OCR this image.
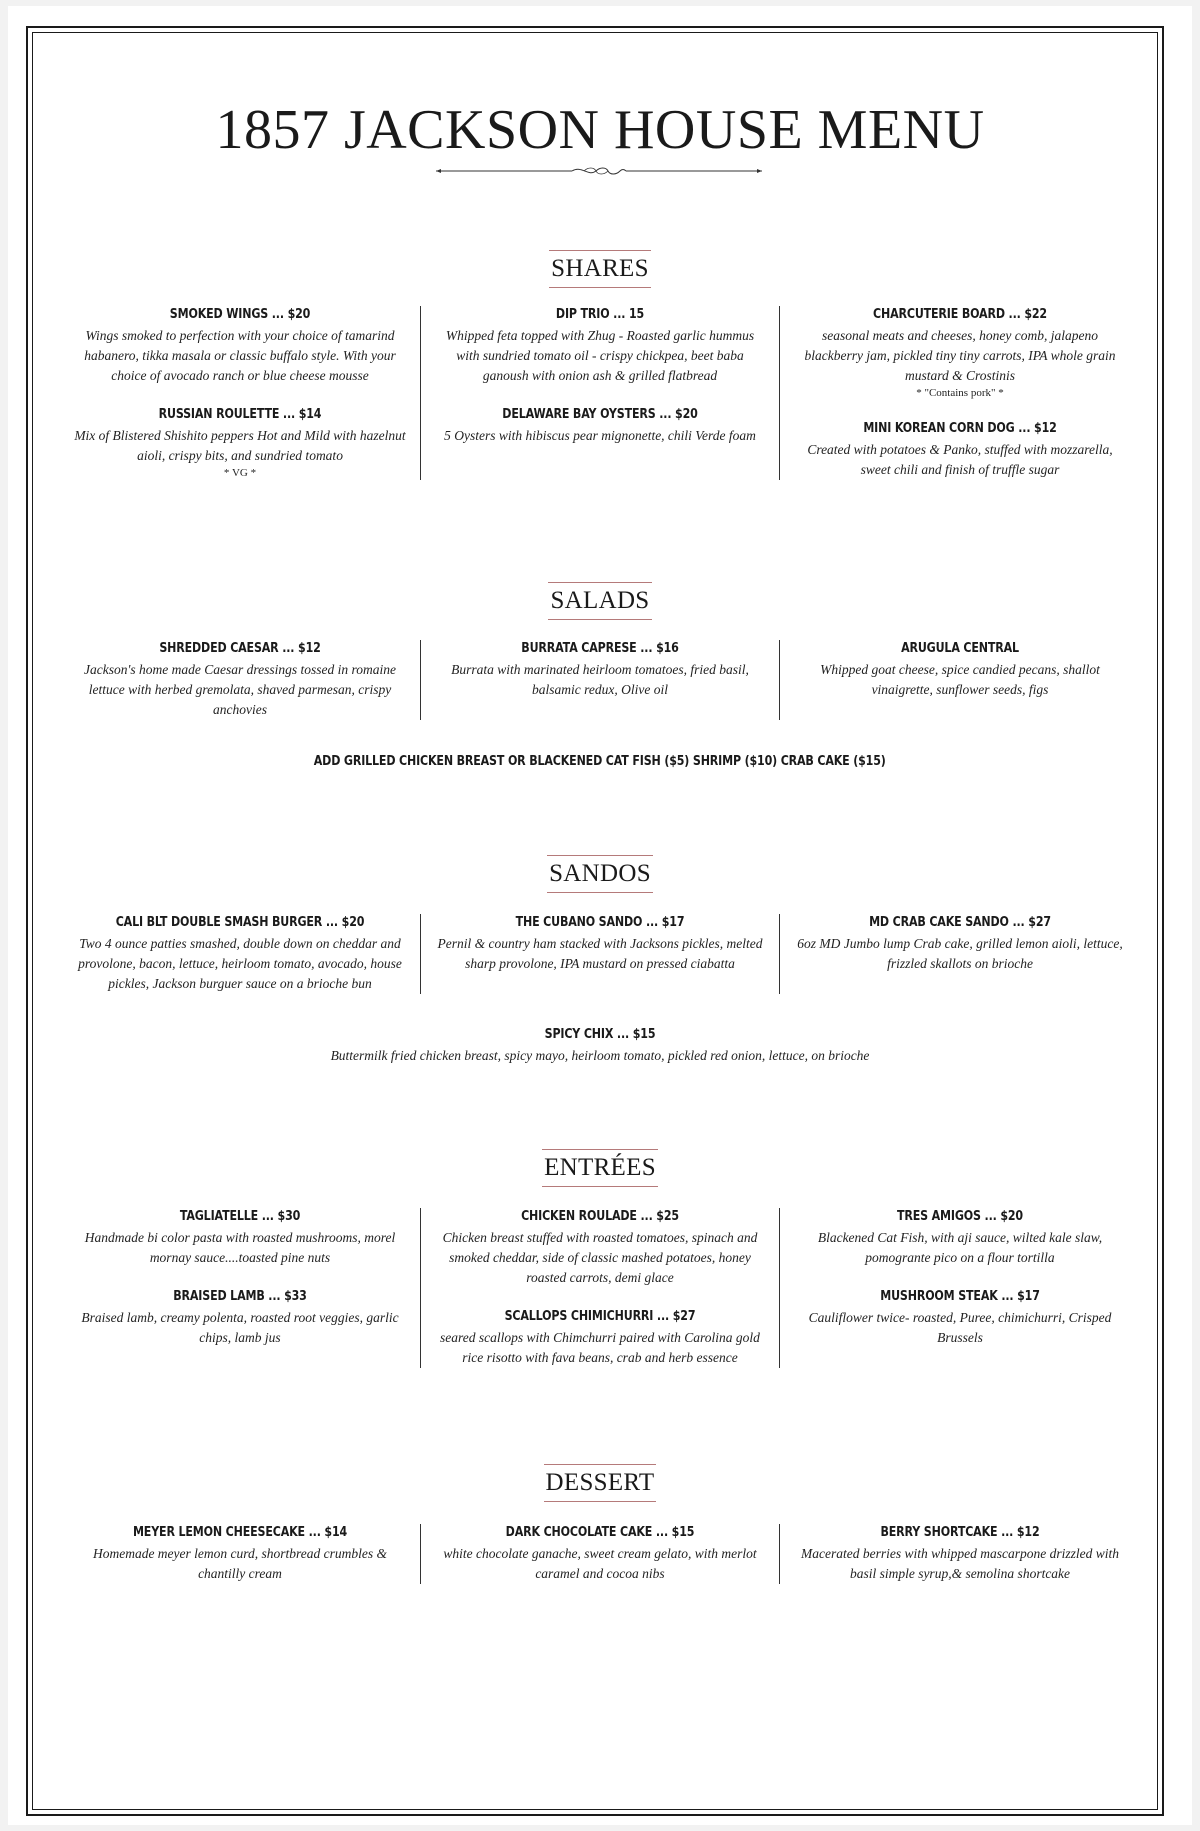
1857 JACKSON HOUSE MENU
SHARES
SMOKED WINGS ... $20
Wings smoked to perfection with your choice of tamarind habanero, tikka masala or classic buffalo style. With your choice of avocado ranch or blue cheese mousse
RUSSIAN ROULETTE ... $14
Mix of Blistered Shishito peppers Hot and Mild with hazelnut aioli, crispy bits, and sundried tomato
* VG *
DIP TRIO ... 15
Whipped feta topped with Zhug - Roasted garlic hummus with sundried tomato oil - crispy chickpea, beet baba ganoush with onion ash & grilled flatbread
DELAWARE BAY OYSTERS ... $20
5 Oysters with hibiscus pear mignonette, chili Verde foam
CHARCUTERIE BOARD ... $22
seasonal meats and cheeses, honey comb, jalapeno blackberry jam, pickled tiny tiny carrots, IPA whole grain mustard & Crostinis
* "Contains pork" *
MINI KOREAN CORN DOG ... $12
Created with potatoes & Panko, stuffed with mozzarella, sweet chili and finish of truffle sugar
SALADS
SHREDDED CAESAR ... $12
Jackson's home made Caesar dressings tossed in romaine lettuce with herbed gremolata, shaved parmesan, crispy anchovies
BURRATA CAPRESE ... $16
Burrata with marinated heirloom tomatoes, fried basil, balsamic redux, Olive oil
ARUGULA CENTRAL
Whipped goat cheese, spice candied pecans, shallot vinaigrette, sunflower seeds, figs
ADD GRILLED CHICKEN BREAST OR BLACKENED CAT FISH ($5) SHRIMP ($10) CRAB CAKE ($15)
SANDOS
CALI BLT DOUBLE SMASH BURGER ... $20
Two 4 ounce patties smashed, double down on cheddar and provolone, bacon, lettuce, heirloom tomato, avocado, house pickles, Jackson burguer sauce on a brioche bun
THE CUBANO SANDO ... $17
Pernil & country ham stacked with Jacksons pickles, melted sharp provolone, IPA mustard on pressed ciabatta
MD CRAB CAKE SANDO ... $27
6oz MD Jumbo lump Crab cake, grilled lemon aioli, lettuce, frizzled skallots on brioche
SPICY CHIX ... $15
Buttermilk fried chicken breast, spicy mayo, heirloom tomato, pickled red onion, lettuce, on brioche
ENTRÉES
TAGLIATELLE ... $30
Handmade bi color pasta with roasted mushrooms, morel mornay sauce....toasted pine nuts
BRAISED LAMB ... $33
Braised lamb, creamy polenta, roasted root veggies, garlic chips, lamb jus
CHICKEN ROULADE ... $25
Chicken breast stuffed with roasted tomatoes, spinach and smoked cheddar, side of classic mashed potatoes, honey roasted carrots, demi glace
SCALLOPS CHIMICHURRI ... $27
seared scallops with Chimchurri paired with Carolina gold rice risotto with fava beans, crab and herb essence
TRES AMIGOS ... $20
Blackened Cat Fish, with aji sauce, wilted kale slaw, pomogrante pico on a flour tortilla
MUSHROOM STEAK ... $17
Cauliflower twice- roasted, Puree, chimichurri, Crisped Brussels
DESSERT
MEYER LEMON CHEESECAKE ... $14
Homemade meyer lemon curd, shortbread crumbles & chantilly cream
DARK CHOCOLATE CAKE ... $15
white chocolate ganache, sweet cream gelato, with merlot caramel and cocoa nibs
BERRY SHORTCAKE ... $12
Macerated berries with whipped mascarpone drizzled with basil simple syrup,& semolina shortcake
